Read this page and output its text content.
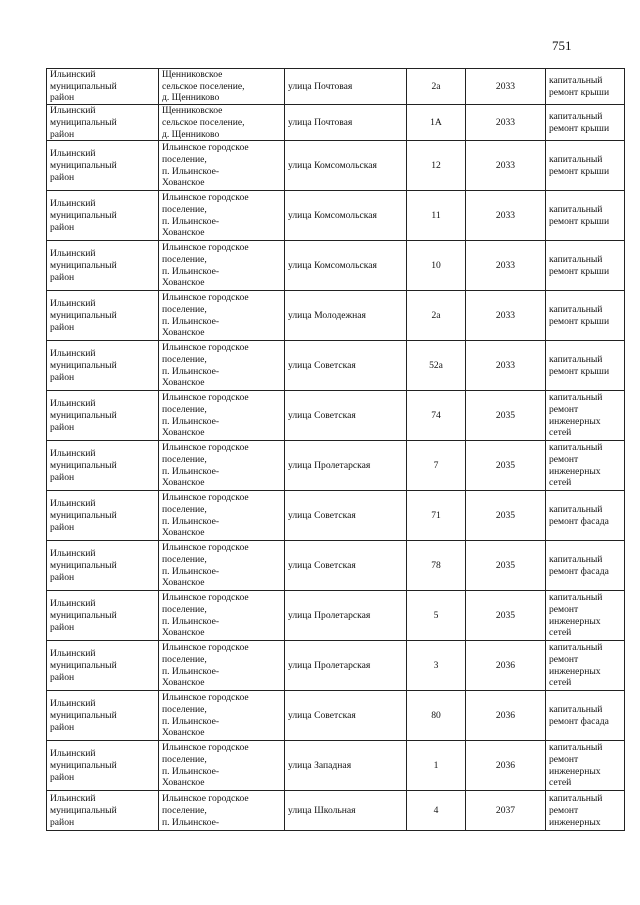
751
Ильинский
муниципальный
район	Щенниковское
сельское поселение,
д. Щенниково	улица Почтовая	2а	2033	капитальный
ремонт крыши

Ильинский
муниципальный
район	Щенниковское
сельское поселение,
д. Щенниково	улица Почтовая	1А	2033	капитальный
ремонт крыши

Ильинский
муниципальный
район	Ильинское городское
поселение,
п. Ильинское-
Хованское	улица Комсомольская	12	2033	капитальный
ремонт крыши

Ильинский
муниципальный
район	Ильинское городское
поселение,
п. Ильинское-
Хованское	улица Комсомольская	11	2033	капитальный
ремонт крыши

Ильинский
муниципальный
район	Ильинское городское
поселение,
п. Ильинское-
Хованское	улица Комсомольская	10	2033	капитальный
ремонт крыши

Ильинский
муниципальный
район	Ильинское городское
поселение,
п. Ильинское-
Хованское	улица Молодежная	2а	2033	капитальный
ремонт крыши

Ильинский
муниципальный
район	Ильинское городское
поселение,
п. Ильинское-
Хованское	улица Советская	52а	2033	капитальный
ремонт крыши

Ильинский
муниципальный
район	Ильинское городское
поселение,
п. Ильинское-
Хованское	улица Советская	74	2035	капитальный
ремонт
инженерных
сетей

Ильинский
муниципальный
район	Ильинское городское
поселение,
п. Ильинское-
Хованское	улица Пролетарская	7	2035	капитальный
ремонт
инженерных
сетей

Ильинский
муниципальный
район	Ильинское городское
поселение,
п. Ильинское-
Хованское	улица Советская	71	2035	капитальный
ремонт фасада

Ильинский
муниципальный
район	Ильинское городское
поселение,
п. Ильинское-
Хованское	улица Советская	78	2035	капитальный
ремонт фасада

Ильинский
муниципальный
район	Ильинское городское
поселение,
п. Ильинское-
Хованское	улица Пролетарская	5	2035	капитальный
ремонт
инженерных
сетей

Ильинский
муниципальный
район	Ильинское городское
поселение,
п. Ильинское-
Хованское	улица Пролетарская	3	2036	капитальный
ремонт
инженерных
сетей

Ильинский
муниципальный
район	Ильинское городское
поселение,
п. Ильинское-
Хованское	улица Советская	80	2036	капитальный
ремонт фасада

Ильинский
муниципальный
район	Ильинское городское
поселение,
п. Ильинское-
Хованское	улица Западная	1	2036	капитальный
ремонт
инженерных
сетей

Ильинский
муниципальный
район	Ильинское городское
поселение,
п. Ильинское-	улица Школьная	4	2037	капитальный
ремонт
инженерных
